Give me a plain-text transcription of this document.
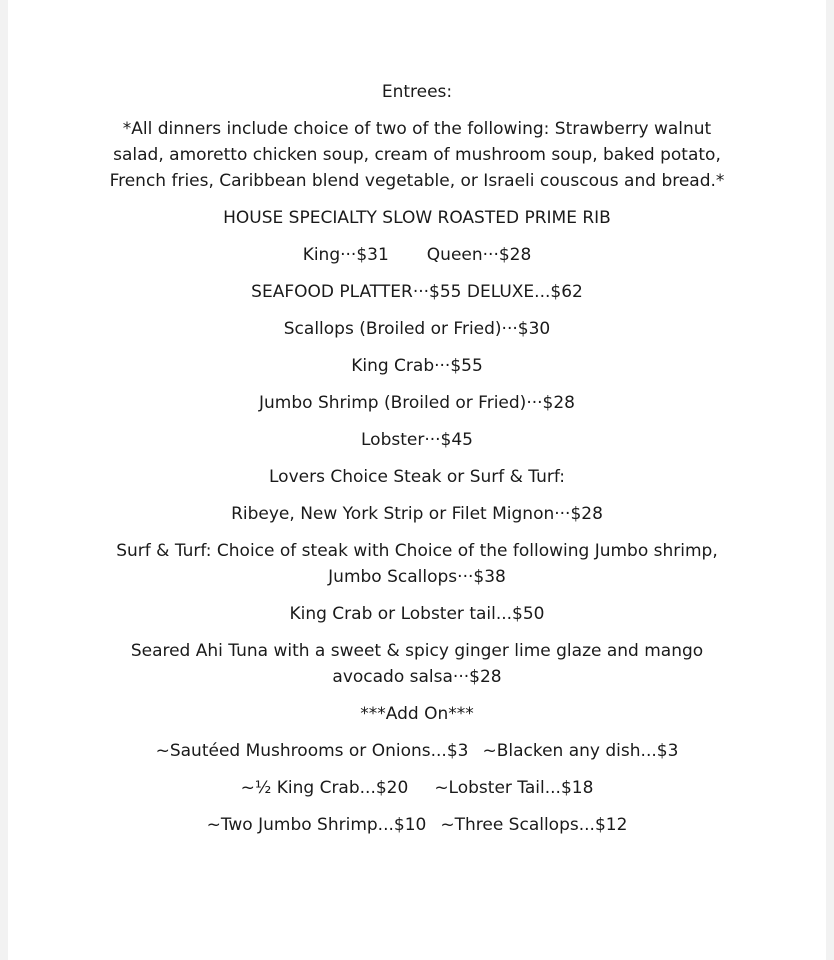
Entrees:
*All dinners include choice of two of the following: Strawberry walnut salad, amoretto chicken soup, cream of mushroom soup, baked potato, French fries, Caribbean blend vegetable, or Israeli couscous and bread.*
HOUSE SPECIALTY SLOW ROASTED PRIME RIB
King···$31 Queen···$28
SEAFOOD PLATTER···$55 DELUXE...$62
Scallops (Broiled or Fried)···$30
King Crab···$55
Jumbo Shrimp (Broiled or Fried)···$28
Lobster···$45
Lovers Choice Steak or Surf & Turf:
Ribeye, New York Strip or Filet Mignon···$28
Surf & Turf: Choice of steak with Choice of the following Jumbo shrimp, Jumbo Scallops···$38
King Crab or Lobster tail...$50
Seared Ahi Tuna with a sweet & spicy ginger lime glaze and mango avocado salsa···$28
***Add On***
~Sautéed Mushrooms or Onions...$3 ~Blacken any dish...$3
~½ King Crab...$20 ~Lobster Tail...$18
~Two Jumbo Shrimp...$10 ~Three Scallops...$12
